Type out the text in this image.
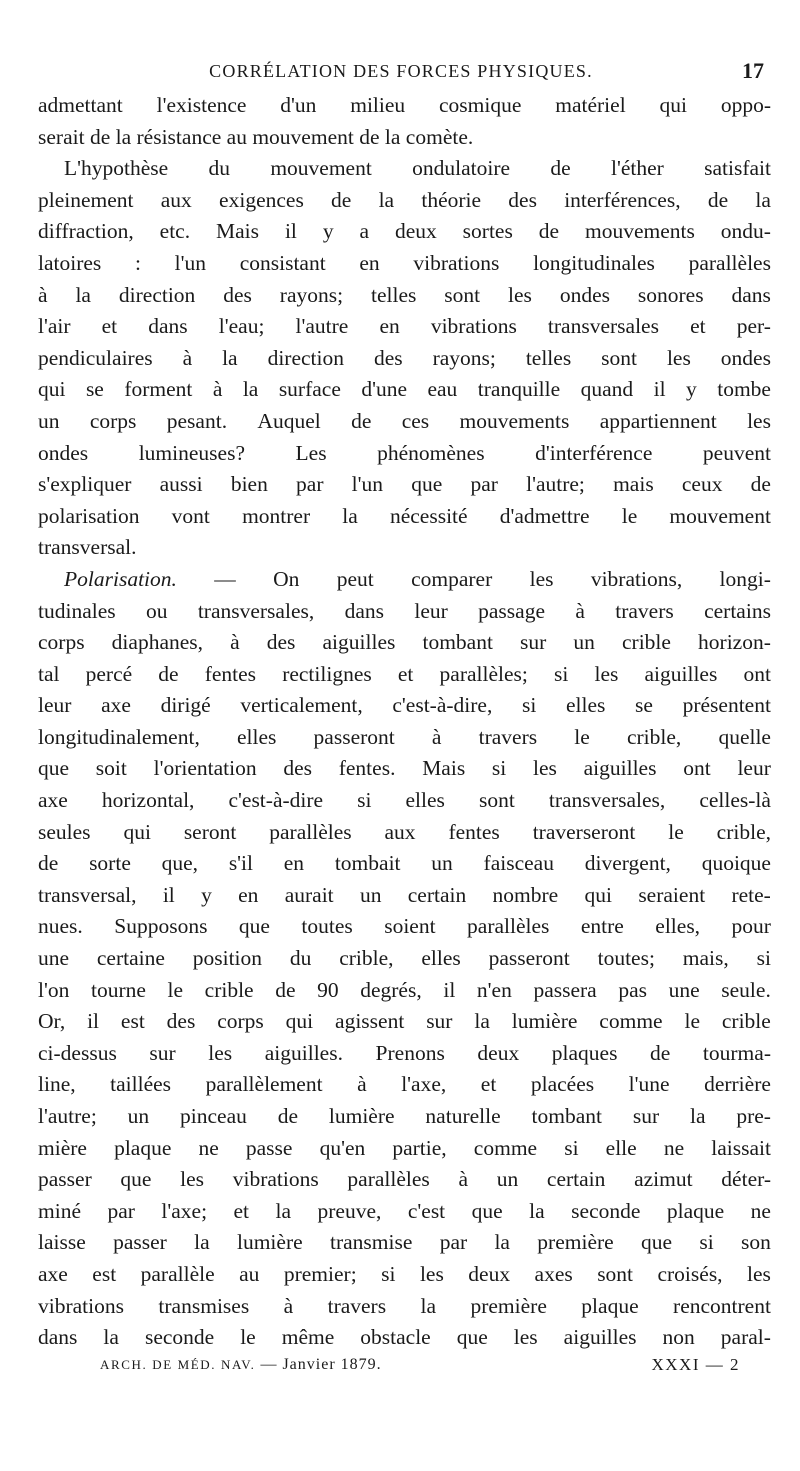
CORRÉLATION DES FORCES PHYSIQUES.	17
admettant l'existence d'un milieu cosmique matériel qui oppo-
serait de la résistance au mouvement de la comète.
L'hypothèse du mouvement ondulatoire de l'éther satisfait
pleinement aux exigences de la théorie des interférences, de la
diffraction, etc. Mais il y a deux sortes de mouvements ondu-
latoires : l'un consistant en vibrations longitudinales parallèles
à la direction des rayons; telles sont les ondes sonores dans
l'air et dans l'eau; l'autre en vibrations transversales et per-
pendiculaires à la direction des rayons; telles sont les ondes
qui se forment à la surface d'une eau tranquille quand il y tombe
un corps pesant. Auquel de ces mouvements appartiennent les
ondes lumineuses? Les phénomènes d'interférence peuvent
s'expliquer aussi bien par l'un que par l'autre; mais ceux de
polarisation vont montrer la nécessité d'admettre le mouvement
transversal.
Polarisation. — On peut comparer les vibrations, longi-
tudinales ou transversales, dans leur passage à travers certains
corps diaphanes, à des aiguilles tombant sur un crible horizon-
tal percé de fentes rectilignes et parallèles; si les aiguilles ont
leur axe dirigé verticalement, c'est-à-dire, si elles se présentent
longitudinalement, elles passeront à travers le crible, quelle
que soit l'orientation des fentes. Mais si les aiguilles ont leur
axe horizontal, c'est-à-dire si elles sont transversales, celles-là
seules qui seront parallèles aux fentes traverseront le crible,
de sorte que, s'il en tombait un faisceau divergent, quoique
transversal, il y en aurait un certain nombre qui seraient rete-
nues. Supposons que toutes soient parallèles entre elles, pour
une certaine position du crible, elles passeront toutes; mais, si
l'on tourne le crible de 90 degrés, il n'en passera pas une seule.
Or, il est des corps qui agissent sur la lumière comme le crible
ci-dessus sur les aiguilles. Prenons deux plaques de tourma-
line, taillées parallèlement à l'axe, et placées l'une derrière
l'autre; un pinceau de lumière naturelle tombant sur la pre-
mière plaque ne passe qu'en partie, comme si elle ne laissait
passer que les vibrations parallèles à un certain azimut déter-
miné par l'axe; et la preuve, c'est que la seconde plaque ne
laisse passer la lumière transmise par la première que si son
axe est parallèle au premier; si les deux axes sont croisés, les
vibrations transmises à travers la première plaque rencontrent
dans la seconde le même obstacle que les aiguilles non paral-
ARCH. DE MÉD. NAV. — Janvier 1879.	XXXI — 2
